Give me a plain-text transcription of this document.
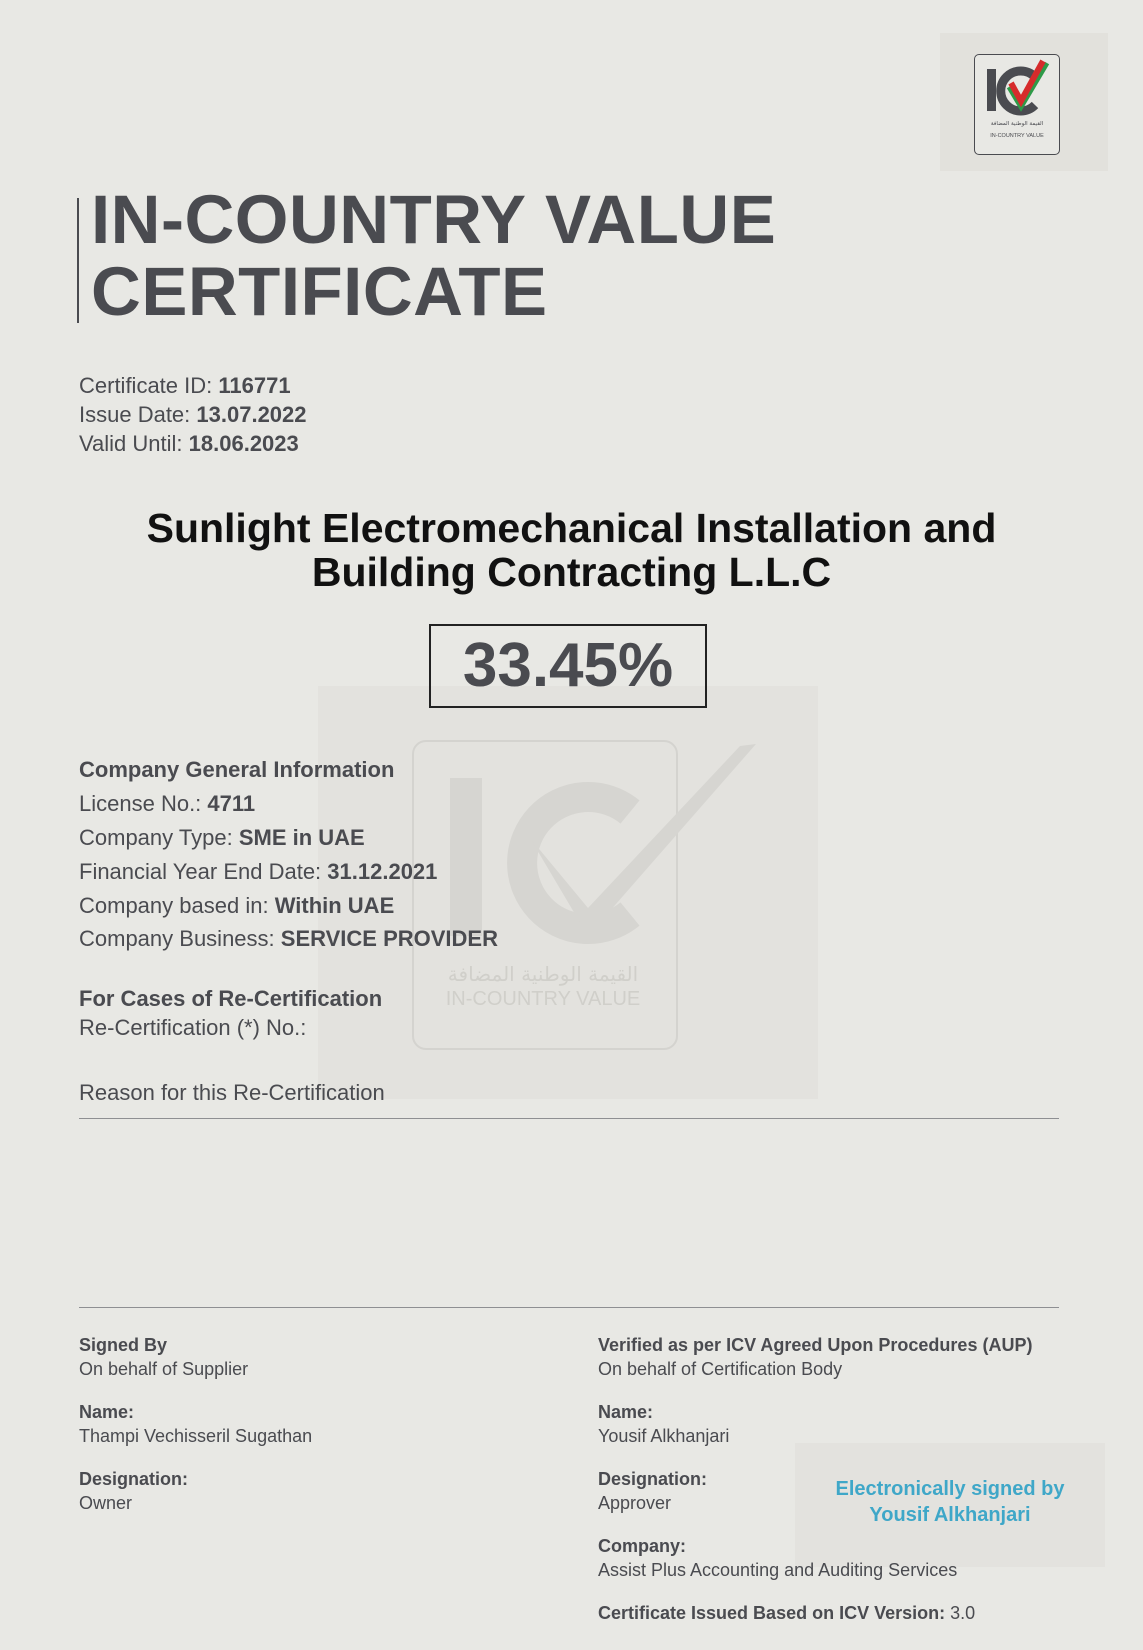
القيمة الوطنية المضافة
IN-COUNTRY VALUE
IN-COUNTRY VALUE
CERTIFICATE
Certificate ID: 116771
Issue Date: 13.07.2022
Valid Until: 18.06.2023
Sunlight Electromechanical Installation and
Building Contracting L.L.C
القيمة الوطنية المضافة
IN-COUNTRY VALUE
33.45%
Company General Information
License No.: 4711
Company Type: SME in UAE
Financial Year End Date: 31.12.2021
Company based in: Within UAE
Company Business: SERVICE PROVIDER
For Cases of Re-Certification
Re-Certification (*) No.:
Reason for this Re-Certification
Signed By
On behalf of Supplier
Name:
Thampi Vechisseril Sugathan
Designation:
Owner
Electronically signed by
Yousif Alkhanjari
Verified as per ICV Agreed Upon Procedures (AUP)
On behalf of Certification Body
Name:
Yousif Alkhanjari
Designation:
Approver
Company:
Assist Plus Accounting and Auditing Services
Certificate Issued Based on ICV Version: 3.0
